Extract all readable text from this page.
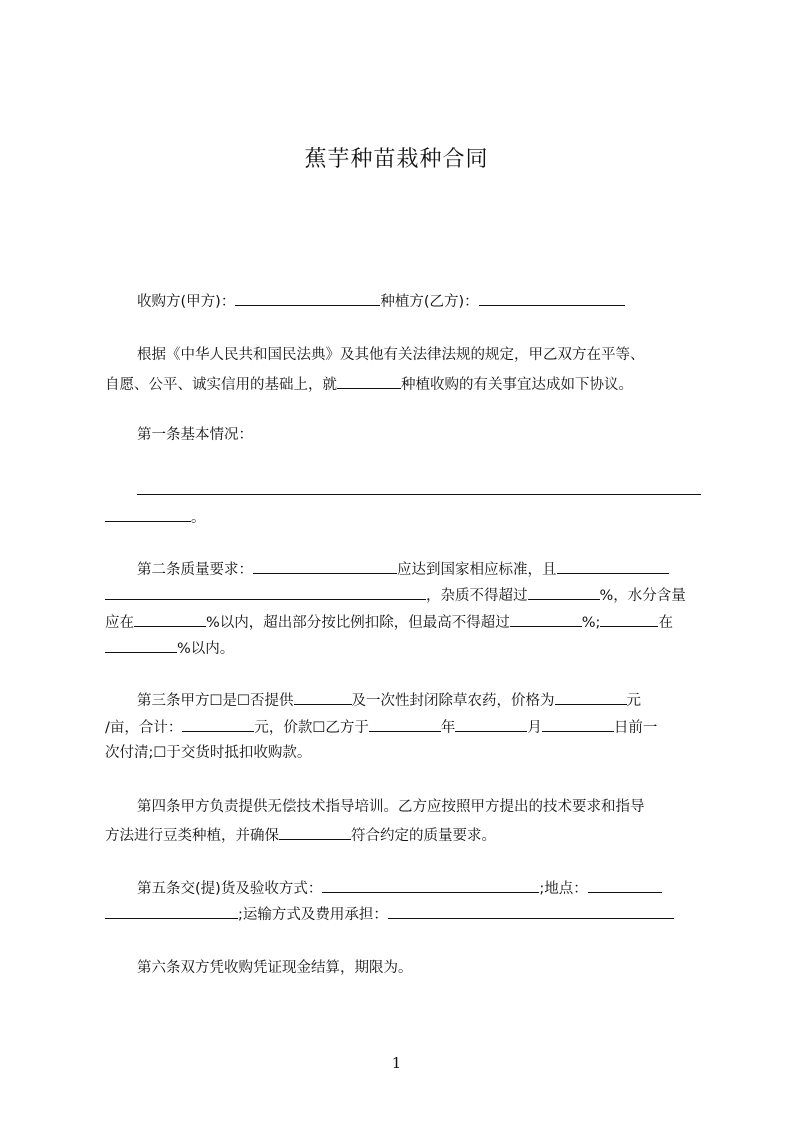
蕉芋种苗栽种合同
收购方(甲方)：	种植方(乙方)：
根据《中华人民共和国民法典》及其他有关法律法规的规定，甲乙双方在平等、
自愿、公平、诚实信用的基础上，就	种植收购的有关事宜达成如下协议。
第一条基本情况：
。
第二条质量要求：	应达到国家相应标准，且
，杂质不得超过	%，水分含量
应在	%以内，超出部分按比例扣除，但最高不得超过	%;	在
%以内。
第三条甲方☐是☐否提供	及一次性封闭除草农药，价格为	元
/亩，合计：	元，价款☐乙方于	年	月	日前一
次付清;☐于交货时抵扣收购款。
第四条甲方负责提供无偿技术指导培训。乙方应按照甲方提出的技术要求和指导
方法进行豆类种植，并确保	符合约定的质量要求。
第五条交(提)货及验收方式：	;地点：
;运输方式及费用承担：
第六条双方凭收购凭证现金结算，期限为。
1
